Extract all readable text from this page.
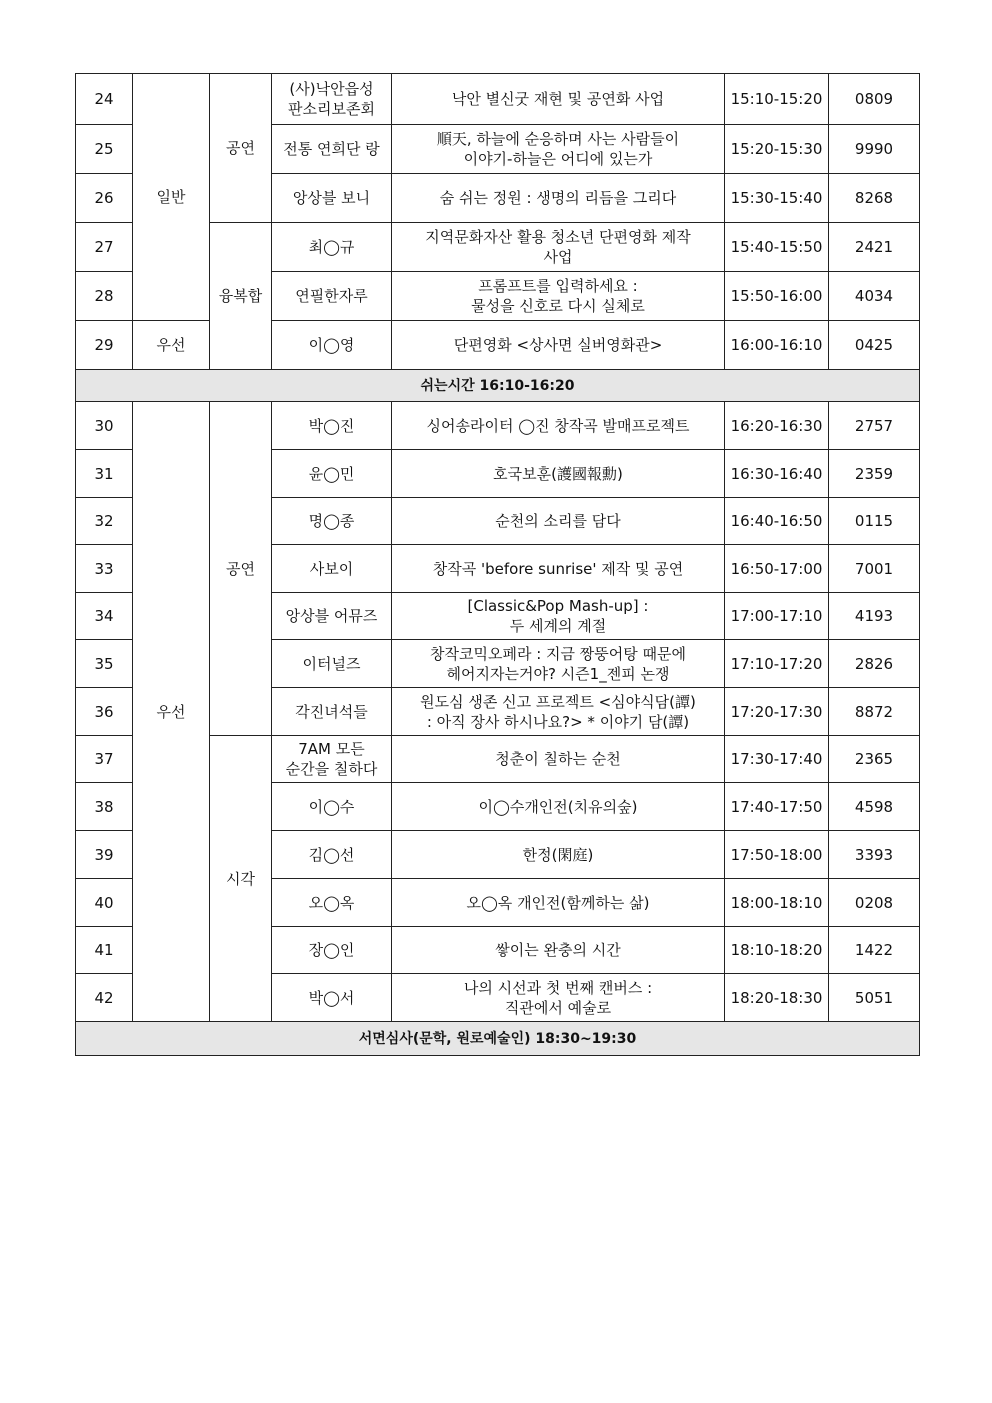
24	일반	공연	(사)낙안읍성
판소리보존회	낙안 별신굿 재현 및 공연화 사업	15:10-15:20	0809
25			전통 연희단 랑	順天, 하늘에 순응하며 사는 사람들이
이야기-하늘은 어디에 있는가	15:20-15:30	9990
26			앙상블 보니	숨 쉬는 정원 : 생명의 리듬을 그리다	15:30-15:40	8268
27		융복합	최◯규	지역문화자산 활용 청소년 단편영화 제작
사업	15:40-15:50	2421
28			연필한자루	프롬프트를 입력하세요 :
물성을 신호로 다시 실체로	15:50-16:00	4034
29	우선		이◯영	단편영화 <상사면 실버영화관>	16:00-16:10	0425
쉬는시간 16:10-16:20						
30	우선	공연	박◯진	싱어송라이터 ◯진 창작곡 발매프로젝트	16:20-16:30	2757
31			윤◯민	호국보훈(護國報勳)	16:30-16:40	2359
32			명◯종	순천의 소리를 담다	16:40-16:50	0115
33			사보이	창작곡 'before sunrise' 제작 및 공연	16:50-17:00	7001
34			앙상블 어뮤즈	[Classic&Pop Mash-up] :
두 세계의 계절	17:00-17:10	4193
35			이터널즈	창작코믹오페라 : 지금 짱뚱어탕 때문에
헤어지자는거야? 시즌1_젠피 논쟁	17:10-17:20	2826
36			각진녀석들	원도심 생존 신고 프로젝트 <심야식담(譚)
: 아직 장사 하시나요?> * 이야기 담(譚)	17:20-17:30	8872
37		시각	7AM 모든
순간을 칠하다	청춘이 칠하는 순천	17:30-17:40	2365
38			이◯수	이◯수개인전(치유의숲)	17:40-17:50	4598
39			김◯선	한정(閑庭)	17:50-18:00	3393
40			오◯옥	오◯옥 개인전(함께하는 삶)	18:00-18:10	0208
41			장◯인	쌓이는 완충의 시간	18:10-18:20	1422
42			박◯서	나의 시선과 첫 번째 캔버스 :
직관에서 예술로	18:20-18:30	5051
서면심사(문학, 원로예술인) 18:30~19:30						
